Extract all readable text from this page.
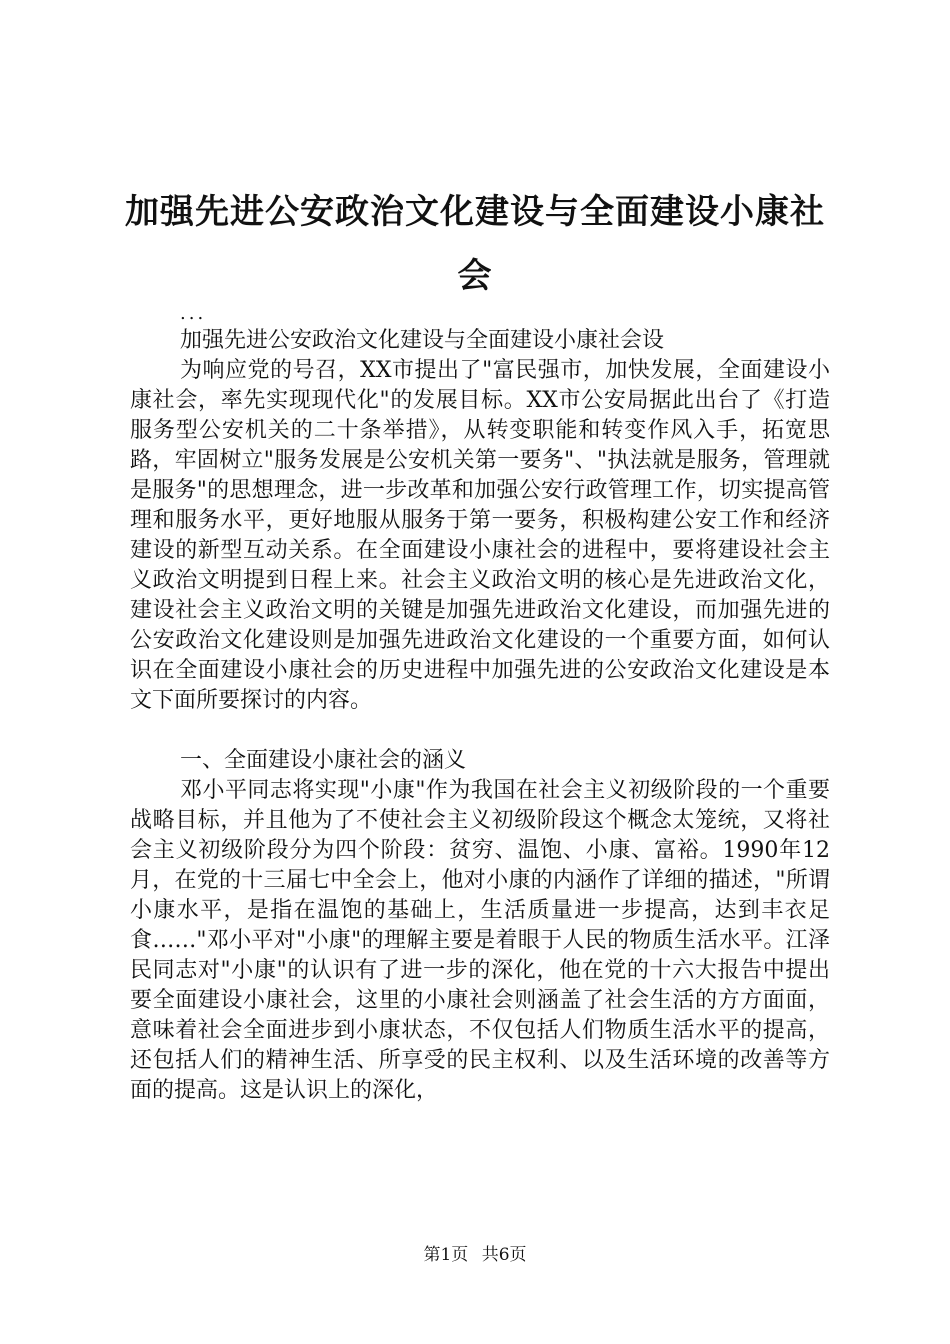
加强先进公安政治文化建设与全面建设小康社
会

...

加强先进公安政治文化建设与全面建设小康社会设

为响应党的号召，XX市提出了"富民强市，加快发展，全面建设小康社会，率先实现现代化"的发展目标。XX市公安局据此出台了《打造服务型公安机关的二十条举措》，从转变职能和转变作风入手，拓宽思路，牢固树立"服务发展是公安机关第一要务"、"执法就是服务，管理就是服务"的思想理念，进一步改革和加强公安行政管理工作，切实提高管理和服务水平，更好地服从服务于第一要务，积极构建公安工作和经济建设的新型互动关系。在全面建设小康社会的进程中，要将建设社会主义政治文明提到日程上来。社会主义政治文明的核心是先进政治文化，建设社会主义政治文明的关键是加强先进政治文化建设，而加强先进的公安政治文化建设则是加强先进政治文化建设的一个重要方面，如何认识在全面建设小康社会的历史进程中加强先进的公安政治文化建设是本文下面所要探讨的内容。

一、全面建设小康社会的涵义

邓小平同志将实现"小康"作为我国在社会主义初级阶段的一个重要战略目标，并且他为了不使社会主义初级阶段这个概念太笼统，又将社会主义初级阶段分为四个阶段：贫穷、温饱、小康、富裕。1990年12月，在党的十三届七中全会上，他对小康的内涵作了详细的描述，"所谓小康水平，是指在温饱的基础上，生活质量进一步提高，达到丰衣足食……"邓小平对"小康"的理解主要是着眼于人民的物质生活水平。江泽民同志对"小康"的认识有了进一步的深化，他在党的十六大报告中提出要全面建设小康社会，这里的小康社会则涵盖了社会生活的方方面面，意味着社会全面进步到小康状态，不仅包括人们物质生活水平的提高，还包括人们的精神生活、所享受的民主权利、以及生活环境的改善等方面的提高。这是认识上的深化，

第1页 共6页
